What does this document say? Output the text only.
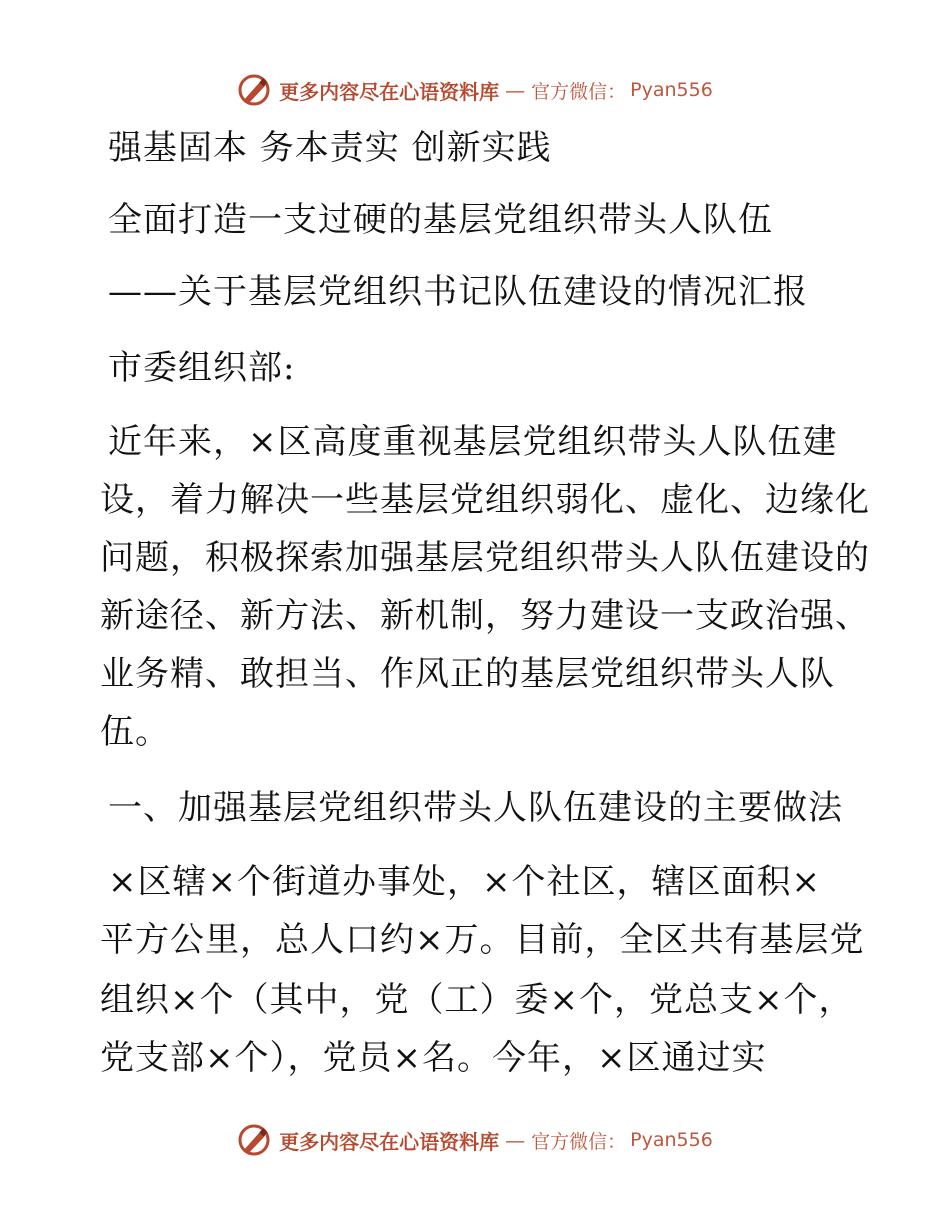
更多内容尽在心语资料库 — 官方微信： Pyan556
强基固本 务本责实 创新实践
全面打造一支过硬的基层党组织带头人队伍
——关于基层党组织书记队伍建设的情况汇报
市委组织部:
近年来，×区高度重视基层党组织带头人队伍建
设，着力解决一些基层党组织弱化、虚化、边缘化
问题，积极探索加强基层党组织带头人队伍建设的
新途径、新方法、新机制，努力建设一支政治强、
业务精、敢担当、作风正的基层党组织带头人队
伍。
一、加强基层党组织带头人队伍建设的主要做法
×区辖×个街道办事处，×个社区，辖区面积×
平方公里，总人口约×万。目前，全区共有基层党
组织×个（其中，党（工）委×个，党总支×个，
党支部×个），党员×名。今年，×区通过实
更多内容尽在心语资料库 — 官方微信： Pyan556
